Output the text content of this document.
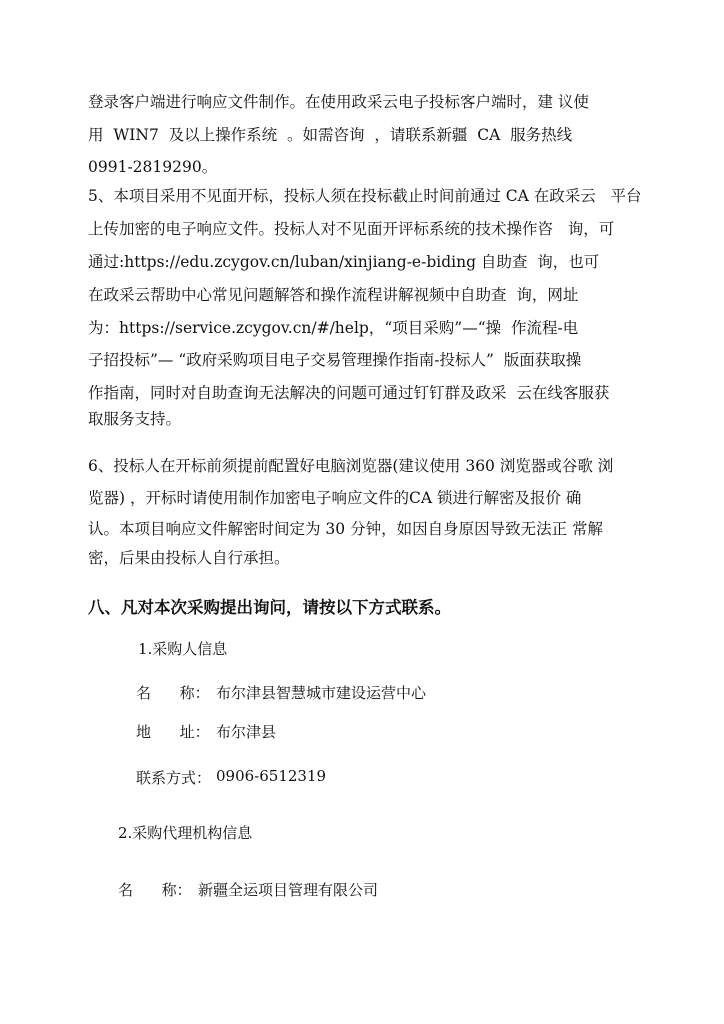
登录客户端进行响应文件制作。在使用政采云电子投标客户端时，建 议使
用  WIN7  及以上操作系统  。如需咨询  ，请联系新疆  CA  服务热线
0991-2819290。
5、本项目采用不见面开标，投标人须在投标截止时间前通过 CA 在政采云   平台
上传加密的电子响应文件。投标人对不见面开评标系统的技术操作咨   询，可
通过:https://edu.zcygov.cn/luban/xinjiang-e-biding 自助查  询，也可
在政采云帮助中心常见问题解答和操作流程讲解视频中自助查  询，网址
为：https://service.zcygov.cn/#/help，“项目采购”—“操  作流程-电
子招投标”— “政府采购项目电子交易管理操作指南-投标人”  版面获取操
作指南，同时对自助查询无法解决的问题可通过钉钉群及政采  云在线客服获
取服务支持。
6、投标人在开标前须提前配置好电脑浏览器(建议使用 360 浏览器或谷歌 浏
览器) ，开标时请使用制作加密电子响应文件的CA 锁进行解密及报价 确
认。本项目响应文件解密时间定为 30 分钟，如因自身原因导致无法正 常解
密，后果由投标人自行承担。
八、凡对本次采购提出询问，请按以下方式联系。
1.采购人信息
名      称： 布尔津县智慧城市建设运营中心
地      址： 布尔津县
联系方式： 0906-6512319
2.采购代理机构信息
名      称： 新疆全运项目管理有限公司
